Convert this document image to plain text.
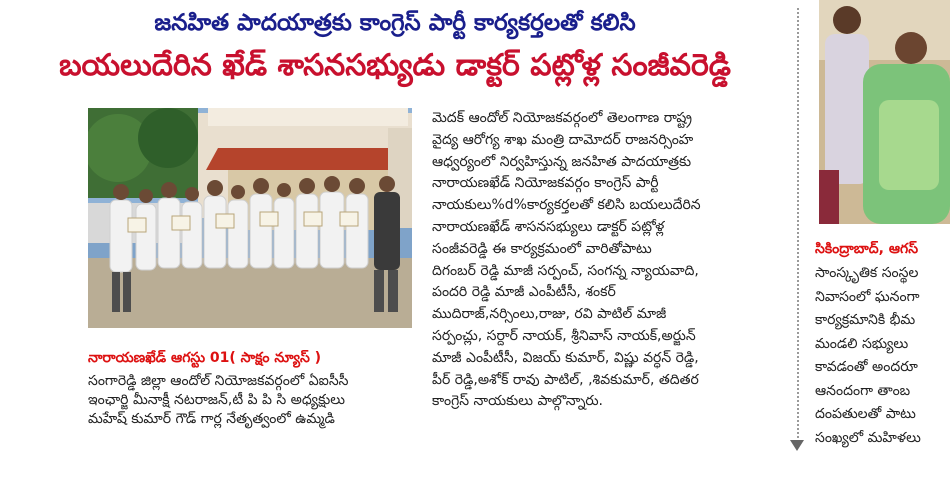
జనహిత పాదయాత్రకు కాంగ్రెస్ పార్టీ కార్యకర్తలతో కలిసి
బయలుదేరిన ఖేడ్ శాసనసభ్యుడు డాక్టర్ పట్లోళ్ల సంజీవరెడ్డి
నారాయణఖేడ్ ఆగస్టు 01( సాక్షం న్యూస్ )
సంగారెడ్డి జిల్లా ఆందోల్ నియోజకవర్గంలో ఏఐసీసీ
ఇంఛార్జి మీనాక్షీ నటరాజన్,టీ పి పి సి అధ్యక్షులు
మహేష్ కుమార్ గౌడ్ గార్ల నేతృత్వంలో ఉమ్మడి
మెదక్ ఆందోల్ నియోజకవర్గంలో తెలంగాణ రాష్ట్ర
వైద్య ఆరోగ్య శాఖ మంత్రి దామోదర్ రాజనర్సింహ
ఆధ్వర్యంలో నిర్వహిస్తున్న జనహిత పాదయాత్రకు
నారాయణఖేడ్ నియోజకవర్గం కాంగ్రెస్ పార్టీ
నాయకులు%d%కార్యకర్తలతో కలిసి బయలుదేరిన
నారాయణఖేడ్ శాసనసభ్యులు డాక్టర్ పట్లోళ్ల
సంజీవరెడ్డి ఈ కార్యక్రమంలో వారితోపాటు
దిగంబర్ రెడ్డి మాజీ సర్పంచ్, సంగన్న న్యాయవాది,
పందరి రెడ్డి మాజీ ఎంపీటీసీ, శంకర్
ముదిరాజ్,నర్సింలు,రాజు, రవి పాటిల్ మాజీ
సర్పంచ్లు, సర్దార్ నాయక్, శ్రీనివాస్ నాయక్,అర్జున్
మాజీ ఎంపీటీసీ, విజయ్ కుమార్, విష్ణు వర్ధన్ రెడ్డి,
పీర్ రెడ్డి,అశోక్ రావు పాటిల్, ,శివకుమార్, తదితర
కాంగ్రెస్ నాయకులు పాల్గొన్నారు.
సికింద్రాబాద్, ఆగస్
సాంస్కృతిక సంస్థల
నివాసంలో ఘనంగా
కార్యక్రమానికి భీమ
మండలి సభ్యులు
కావడంతో అందరూ
ఆనందంగా తాంబ
దంపతులతో పాటు
సంఖ్యలో మహిళలు
